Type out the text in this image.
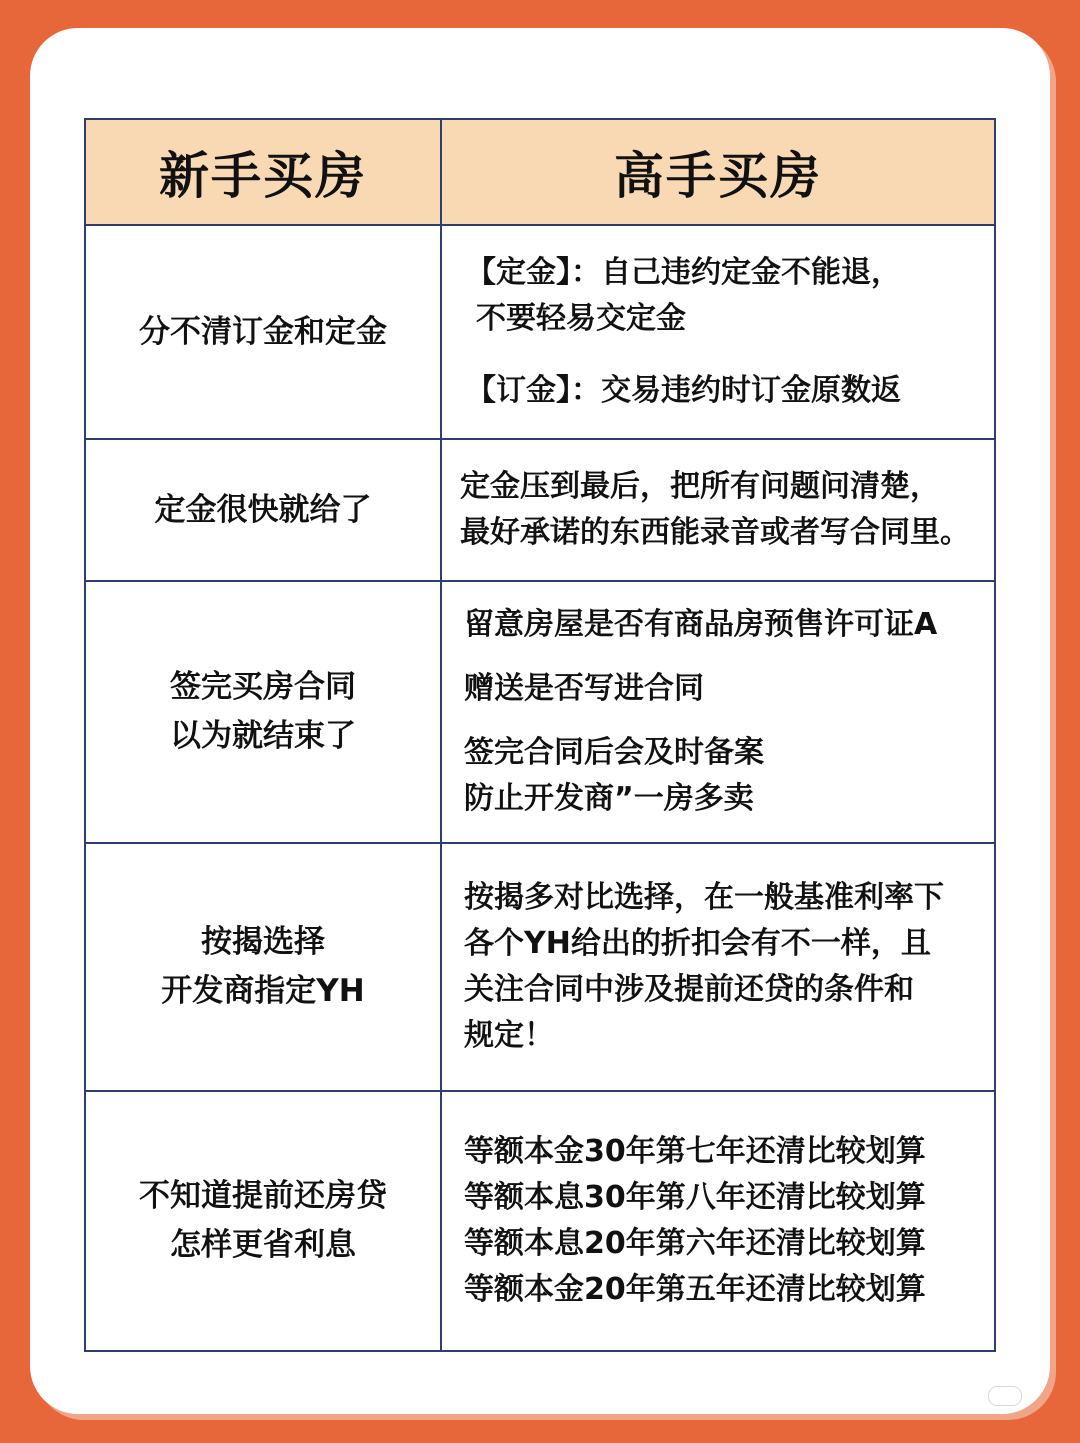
新手买房	高手买房
分不清订金和定金	【定金】：自己违约定金不能退，
不要轻易交定金
【订金】：交易违约时订金原数返

定金很快就给了	定金压到最后，把所有问题问清楚，
最好承诺的东西能录音或者写合同里。

签完买房合同
以为就结束了	留意房屋是否有商品房预售许可证A
赠送是否写进合同
签完合同后会及时备案
防止开发商”一房多卖

按揭选择
开发商指定YH	按揭多对比选择，在一般基准利率下
各个YH给出的折扣会有不一样，且
关注合同中涉及提前还贷的条件和
规定！

不知道提前还房贷
怎样更省利息	等额本金30年第七年还清比较划算
等额本息30年第八年还清比较划算
等额本息20年第六年还清比较划算
等额本金20年第五年还清比较划算
